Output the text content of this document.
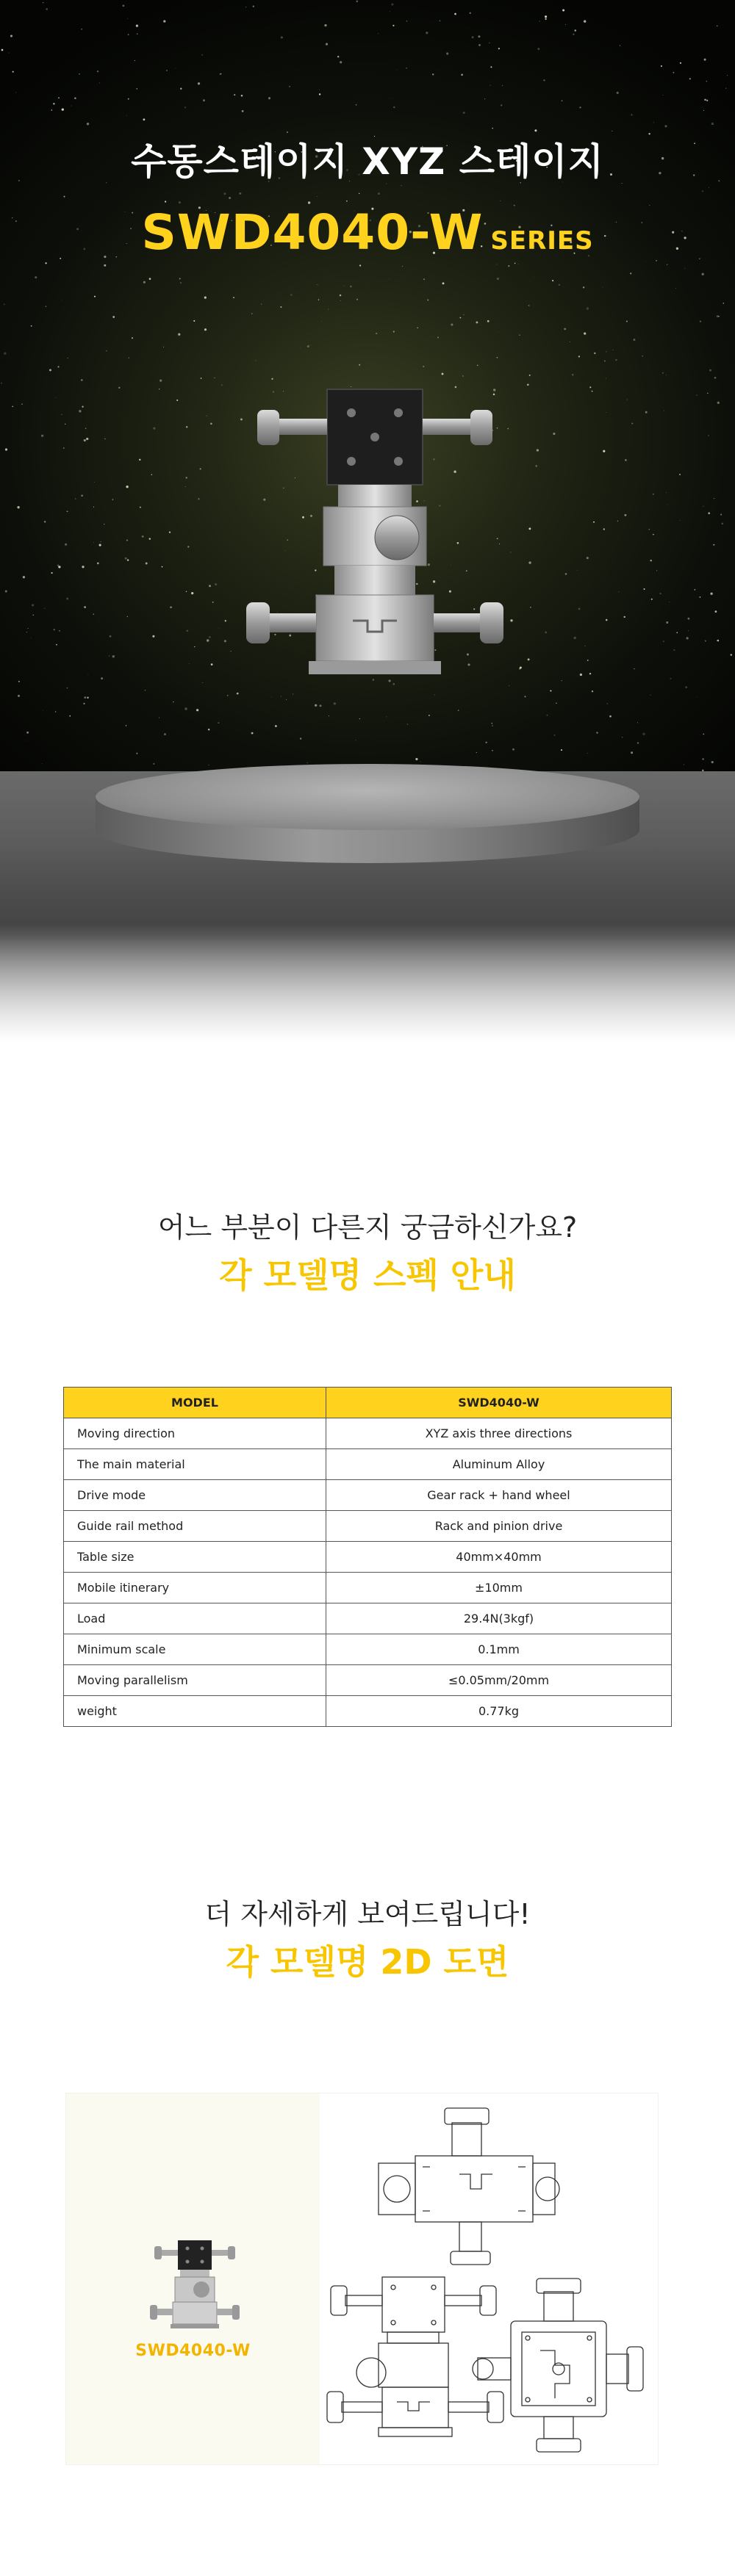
수동스테이지 XYZ 스테이지
SWD4040-W SERIES
어느 부분이 다른지 궁금하신가요?
각 모델명 스펙 안내
MODEL	SWD4040-W
Moving direction	XYZ axis three directions
The main material	Aluminum Alloy
Drive mode	Gear rack + hand wheel
Guide rail method	Rack and pinion drive
Table size	40mm×40mm
Mobile itinerary	±10mm
Load	29.4N(3kgf)
Minimum scale	0.1mm
Moving parallelism	≤0.05mm/20mm
weight	0.77kg
더 자세하게 보여드립니다!
각 모델명 2D 도면
SWD4040-W
